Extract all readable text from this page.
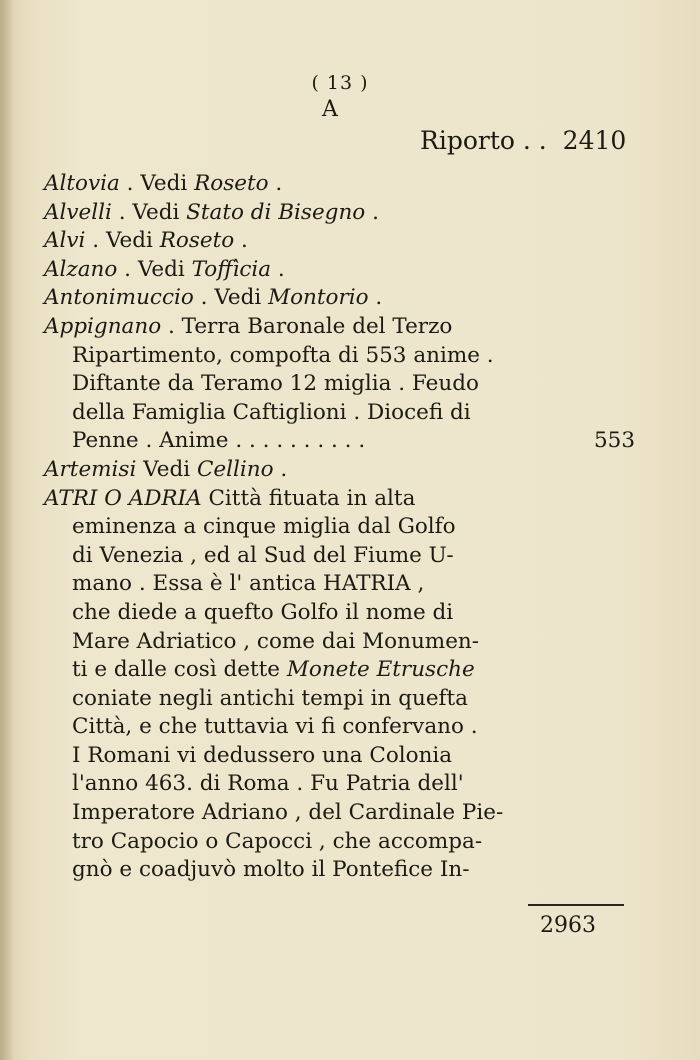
( 13 )
A
Riporto . . 2410
Altovia . Vedi Roseto .
Alvelli . Vedi Stato di Bisegno .
Alvi . Vedi Roseto .
Alzano . Vedi Toffìcia .
Antonimuccio . Vedi Montorio .
Appignano . Terra Baronale del Terzo
Ripartimento, compofta di 553 anime .
Diftante da Teramo 12 miglia . Feudo
della Famiglia Caftiglioni . Diocefi di
Penne . Anime . . . . . . . . . .	553
Artemisi Vedi Cellino .
ATRI O ADRIA Città fituata in alta
eminenza a cinque miglia dal Golfo
di Venezia , ed al Sud del Fiume U-
mano . Essa è l' antica HATRIA ,
che diede a quefto Golfo il nome di
Mare Adriatico , come dai Monumen-
ti e dalle così dette Monete Etrusche
coniate negli antichi tempi in quefta
Città, e che tuttavia vi fi confervano .
I Romani vi dedussero una Colonia
l'anno 463. di Roma . Fu Patria dell'
Imperatore Adriano , del Cardinale Pie-
tro Capocio o Capocci , che accompa-
gnò e coadjuvò molto il Pontefice In-
2963
